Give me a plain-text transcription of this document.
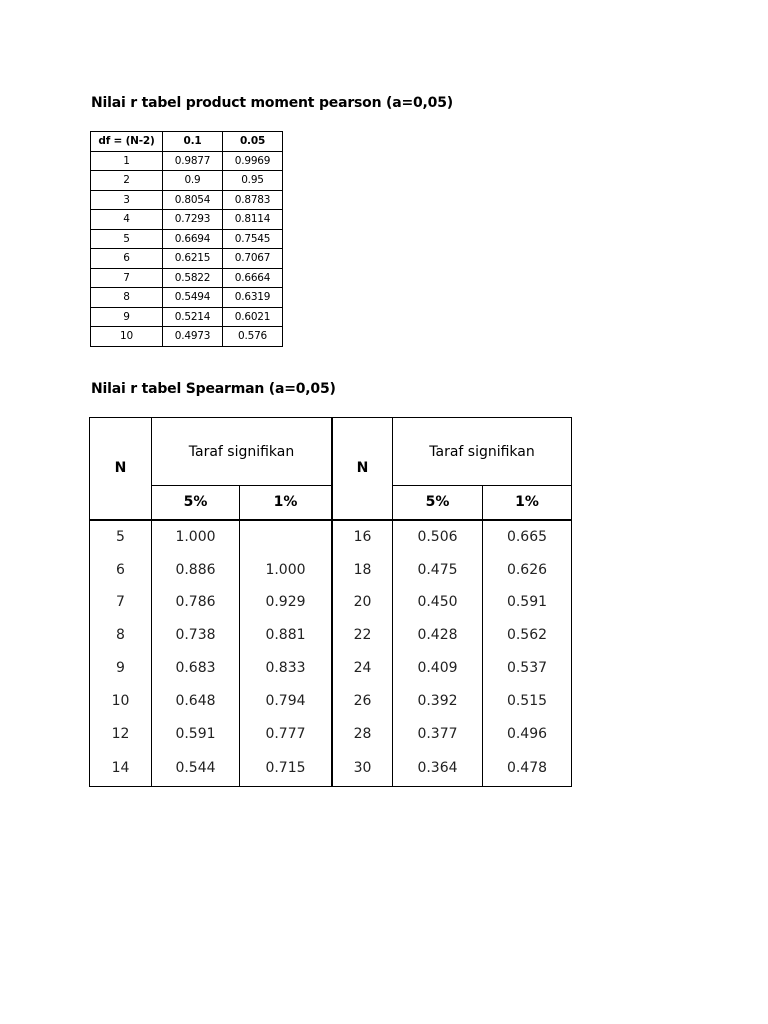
Nilai r tabel product moment pearson (a=0,05)
df = (N-2)	0.1	0.05
1	0.9877	0.9969
2	0.9	0.95
3	0.8054	0.8783
4	0.7293	0.8114
5	0.6694	0.7545
6	0.6215	0.7067
7	0.5822	0.6664
8	0.5494	0.6319
9	0.5214	0.6021
10	0.4973	0.576
Nilai r tabel Spearman (a=0,05)
N	Taraf signifikan		N	Taraf signifikan	
	5%	1%		5%	1%
5	1.000		16	0.506	0.665
6	0.886	1.000	18	0.475	0.626
7	0.786	0.929	20	0.450	0.591
8	0.738	0.881	22	0.428	0.562
9	0.683	0.833	24	0.409	0.537
10	0.648	0.794	26	0.392	0.515
12	0.591	0.777	28	0.377	0.496
14	0.544	0.715	30	0.364	0.478
